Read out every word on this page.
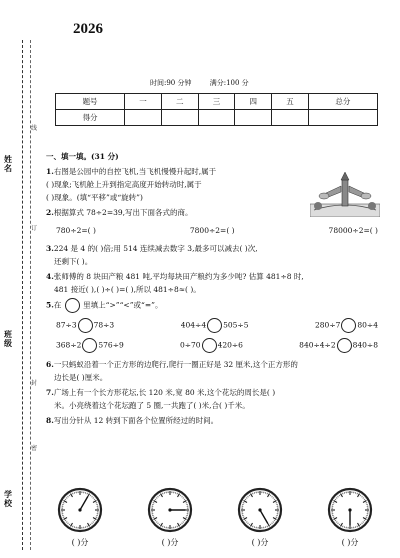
姓名
班级
学校
线
订
封
密
2026
时间:90 分钟	满分:100 分
题号	一	二	三	四	五	总分
得分						
一、填一填。(31 分)
1.右图是公园中的自控飞机,当飞机慢慢升起时,属于
( )现象;飞机舱上升到指定高度开始转动时,属于
( )现象。(填“平移”或“旋转”)
2.根据算式 78÷2=39,写出下面各式的商。
780÷2=( )	7800÷2=( )	78000÷2=( )
3.224 是 4 的( )倍;用 514 连续减去数字 3,最多可以减去( )次,
还剩下( )。
4.张师傅的 8 块田产粮 481 吨,平均每块田产粮约为多少吨? 估算 481÷8 时,
481 接近( ),( )÷( )=( ),所以 481÷8≈( )。
5.在	里填上“>”“<”或“=”。
87÷3 78÷3	404÷4 505÷5	280÷7 80÷4
368÷2 576÷9	0÷70 420÷6	840÷4÷2 840÷8
6.一只蚂蚁沿着一个正方形的边爬行,爬行一圈正好是 32 厘米,这个正方形的
边长是( )厘米。
7.广场上有一个长方形花坛,长 120 米,宽 80 米,这个花坛的周长是( )
米。小亮绕着这个花坛跑了 5 圈,一共跑了( )米,合( )千米。
8.写出分针从 12 转到下面各个位置所经过的时间。
( )分	( )分	( )分	( )分
